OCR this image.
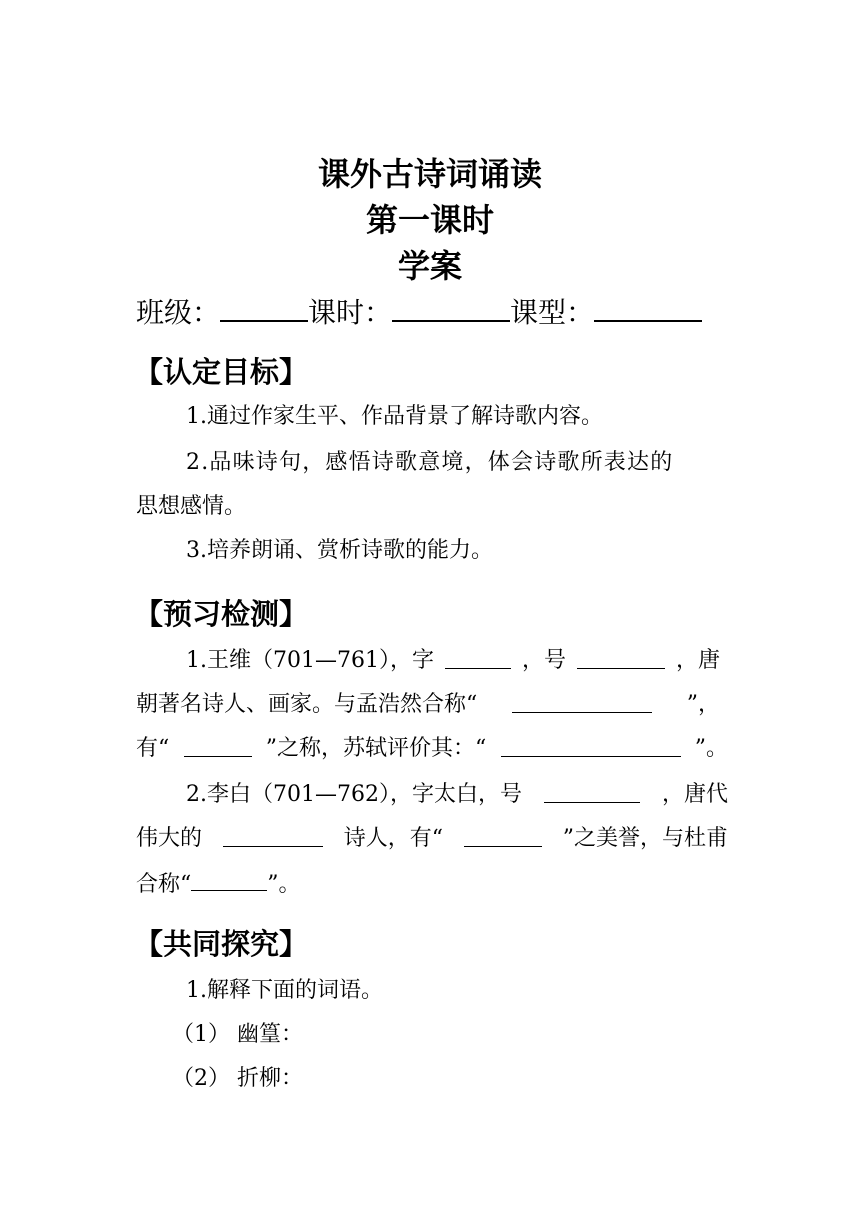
课外古诗词诵读
第一课时
学案
班级：	课时：	课型：
【认定目标】
1.通过作家生平、作品背景了解诗歌内容。
2.品味诗句，感悟诗歌意境，体会诗歌所表达的
思想感情。
3.培养朗诵、赏析诗歌的能力。
【预习检测】
1.王维（701—761），字	，号	，唐
朝著名诗人、画家。与孟浩然合称“	”，
有“	”之称，苏轼评价其：“	”。
2.李白（701—762），字太白，号	，唐代
伟大的	诗人，有“	”之美誉，与杜甫
合称“	”。
【共同探究】
1.解释下面的词语。
（1） 幽篁：
（2） 折柳：
